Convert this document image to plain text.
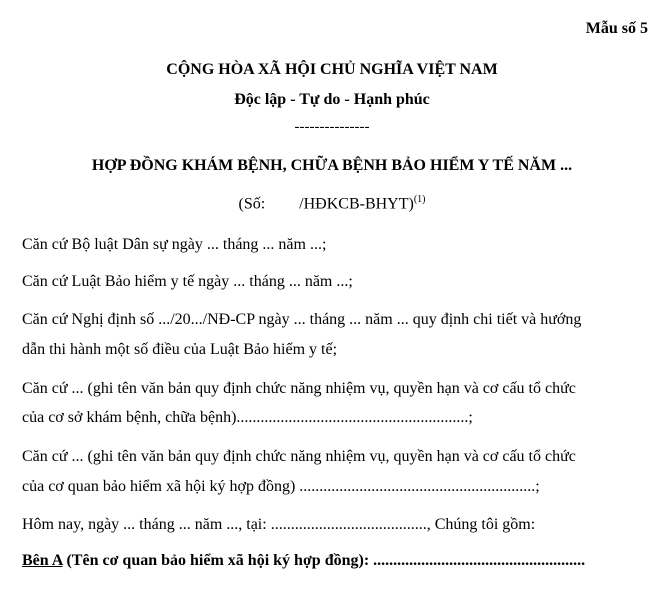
Mẫu số 5
CỘNG HÒA XÃ HỘI CHỦ NGHĨA VIỆT NAM
Độc lập - Tự do - Hạnh phúc
---------------
HỢP ĐỒNG KHÁM BỆNH, CHỮA BỆNH BẢO HIỂM Y TẾ NĂM ...
(Số: /HĐKCB-BHYT)$^{(1)}$
Căn cứ Bộ luật Dân sự ngày ... tháng ... năm ...;
Căn cứ Luật Bảo hiểm y tế ngày ... tháng ... năm ...;
Căn cứ Nghị định số .../20.../NĐ-CP ngày ... tháng ... năm ... quy định chi tiết và hướng
dẫn thi hành một số điều của Luật Bảo hiểm y tế;
Căn cứ ... (ghi tên văn bản quy định chức năng nhiệm vụ, quyền hạn và cơ cấu tổ chức
của cơ sở khám bệnh, chữa bệnh)..........................................................;
Căn cứ ... (ghi tên văn bản quy định chức năng nhiệm vụ, quyền hạn và cơ cấu tổ chức
của cơ quan bảo hiểm xã hội ký hợp đồng) ...........................................................;
Hôm nay, ngày ... tháng ... năm ..., tại: ......................................., Chúng tôi gồm:
Bên A (Tên cơ quan bảo hiểm xã hội ký hợp đồng): .....................................................
